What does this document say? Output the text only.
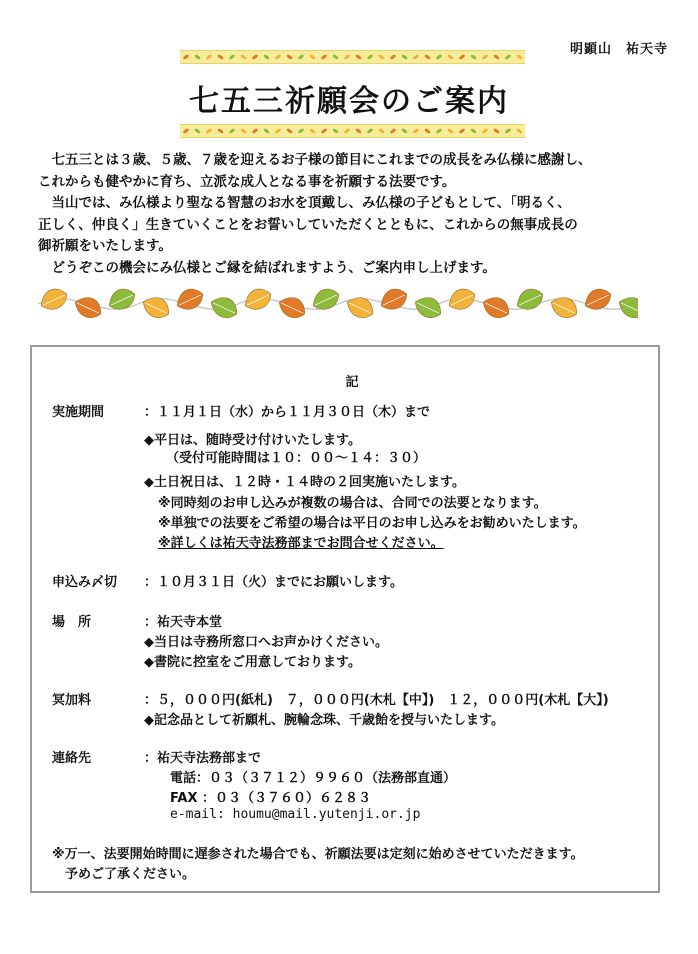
明顕山　祐天寺
七五三祈願会のご案内

　七五三とは３歳、５歳、７歳を迎えるお子様の節目にこれまでの成長をみ仏様に感謝し、

これからも健やかに育ち、立派な成人となる事を祈願する法要です。

　当山では、み仏様より聖なる智慧のお水を頂戴し、み仏様の子どもとして、「明るく、

正しく、仲良く」生きていくことをお誓いしていただくとともに、これからの無事成長の

御祈願をいたします。

　どうぞこの機会にみ仏様とご縁を結ばれますよう、ご案内申し上げます。

記
実施期間	：１１月１日（水）から１１月３０日（木）まで
◆平日は、随時受け付けいたします。
（受付可能時間は１０：００〜１４：３０）
◆土日祝日は、１２時・１４時の２回実施いたします。
※同時刻のお申し込みが複数の場合は、合同での法要となります。
※単独での法要をご希望の場合は平日のお申し込みをお勧めいたします。
※詳しくは祐天寺法務部までお問合せください。
申込み〆切 ：１０月３１日（火）までにお願いします。
場　所	：祐天寺本堂
◆当日は寺務所窓口へお声かけください。
◆書院に控室をご用意しております。
冥加料	：５，０００円(紙札)　７，０００円(木札【中】)　１２，０００円(木札【大】)
◆記念品として祈願札、腕輪念珠、千歳飴を授与いたします。
連絡先	：祐天寺法務部まで
電話：０３（３７１２）９９６０（法務部直通）
FAX ：０３（３７６０）６２８３
e-mail: houmu@mail.yutenji.or.jp
※万一、法要開始時間に遅参された場合でも、祈願法要は定刻に始めさせていただきます。
　予めご了承ください。
